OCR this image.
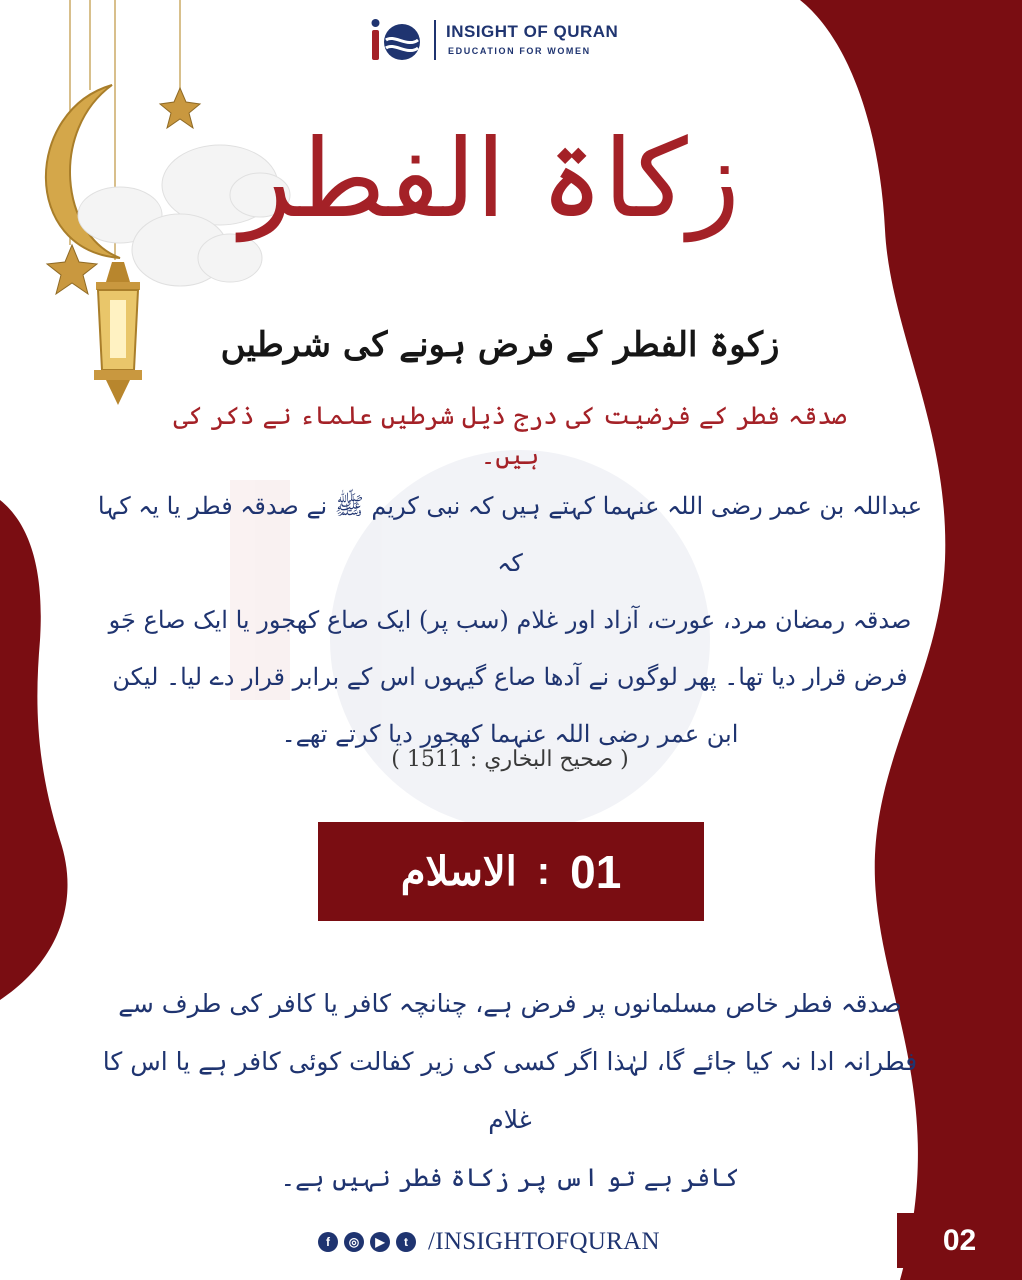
INSIGHT OF QURAN
EDUCATION FOR WOMEN
زکاۃ الفطر
زکوۃ الفطر کے فرض ہونے کی شرطیں
صدقہ فطر کے فرضیت کی درج ذیل شرطیں علماء نے ذکر کی ہیں۔
عبداللہ بن عمر رضی اللہ عنہما کہتے ہیں کہ نبی کریم ﷺ نے صدقہ فطر یا یہ کہا کہ
صدقہ رمضان مرد، عورت، آزاد اور غلام (سب پر) ایک صاع کھجور یا ایک صاع جَو
فرض قرار دیا تھا۔ پھر لوگوں نے آدھا صاع گیہوں اس کے برابر قرار دے لیا۔ لیکن
ابن عمر رضی اللہ عنہما کھجور دیا کرتے تھے۔
( صحيح البخاري : 1511 )
الاسلام : 01
صدقہ فطر خاص مسلمانوں پر فرض ہے، چنانچہ کافر یا کافر کی طرف سے
فطرانہ ادا نہ کیا جائے گا، لہٰذا اگر کسی کی زیر کفالت کوئی کافر ہے یا اس کا غلام
کافر ہے تو اس پر زکاۃ فطر نہیں ہے۔
f	◎	▶	t /INSIGHTOFQURAN	02
